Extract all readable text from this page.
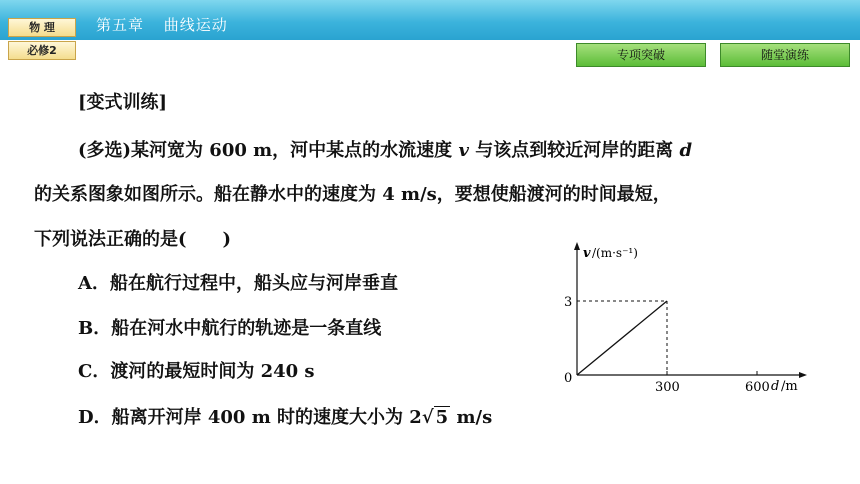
第五章 曲线运动
物 理
必修2	专项突破	随堂演练
[变式训练]
(多选)某河宽为 600 m，河中某点的水流速度 v 与该点到较近河岸的距离 d
的关系图象如图所示。船在静水中的速度为 4 m/s，要想使船渡河的时间最短，
下列说法正确的是(　　)
A．船在航行过程中，船头应与河岸垂直
B．船在河水中航行的轨迹是一条直线
C．渡河的最短时间为 240 s
D．船离开河岸 400 m 时的速度大小为 2√ 5 m/s
v /(m·s⁻¹)
0
d /m
300	600
3
